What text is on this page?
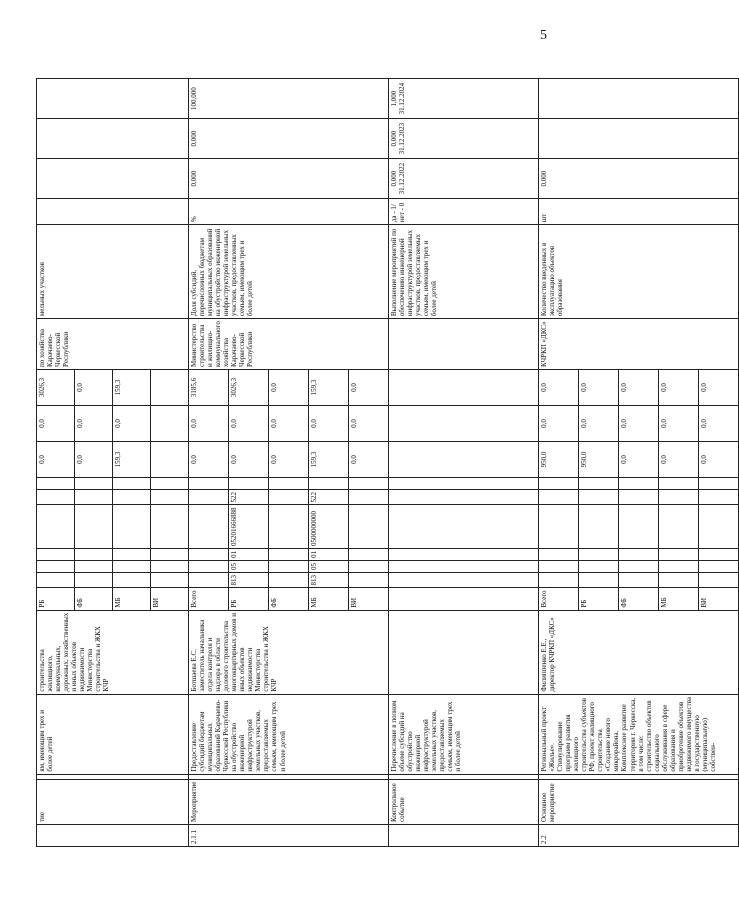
5
	тие		ям, имеющим трех и более детей	строительства жилищного, коммунальных, дорожных, хозяйственных и иных объектов недвижимости Министерства строительства и ЖКХ КЧР	РБ							0,0	0,0	3026,3	по хозяйства Карачаево-Черкесской Республики	мельных участков				
					ФБ							0,0	0,0	0,0						
					МБ							159,3	0,0	159,3						
					ВИ															
2.1.1	Мероприятие		Предоставление субсидий бюджетам муниципальных образований Карачаево-Черкесской Республики на обустройство инженерной инфраструктурой земельных участков, предоставляемых семьям, имеющим трех и более детей	Ботшаева Е.С. заместитель начальника отдела контроля и надзора в области долевого строительства многоквартирных домов и иных объектов недвижимости Министерства строительства и ЖКХ КЧР	Всего							0,0	0,0	3185,6	Министерство строительства и жилищно-коммунального хозяйства Карачаево-Черкесской Республики	Доля субсидий, перечисленных бюджетам муниципальных образований на обустройство инженерной инфраструктурой земельных участков, предоставленных семьям, имеющим трех и более детей	%	0,000	0,000	100,000
					РБ	813	05	01	05201666888	522		0,0	0,0	3026,3						
					ФБ							0,0	0,0	0,0						
					МБ	813	05	01	0500000000	522		159,3	0,0	159,3						
					ВИ							0,0	0,0	0,0						
	Контрольное событие		Перечисление в полном объеме субсидий на обустройство инженерной инфраструктурой земельных участков, предоставляемых семьям, имеющим трех и более детей													Выполнение мероприятий по обеспечению инженерной инфраструктурой земельных участков, предоставляемых семьям, имеющим трех и более детей	да - 1/ нет - 0	0,000
31.12.2022	0,000
31.12.2023	1,000
31.12.2024
2.2	Основное мероприятие		Региональный проект «Жилье». Стимулирование программ развития жилищного строительства субъектов РФ, проект жилищного строительства «Создание нового микрорайона. Комплексное развитие территории г. Черкесска, в том числе: строительство объектов социального обслуживания в сфере образования и приобретение объектов недвижимого имущества в государственную (муниципальную) собствен-	Филиппенко Е.Е., директор КЧРКП «ДКС»	Всего							950,0	0,0	0,0	КЧРКП «ДКС»	Количество введенных в эксплуатацию объектов образования	шт	0,000		
					РБ							950,0	0,0	0,0						
					ФБ							0,0	0,0	0,0						
					МБ							0,0	0,0	0,0						
					ВИ							0,0	0,0	0,0						
